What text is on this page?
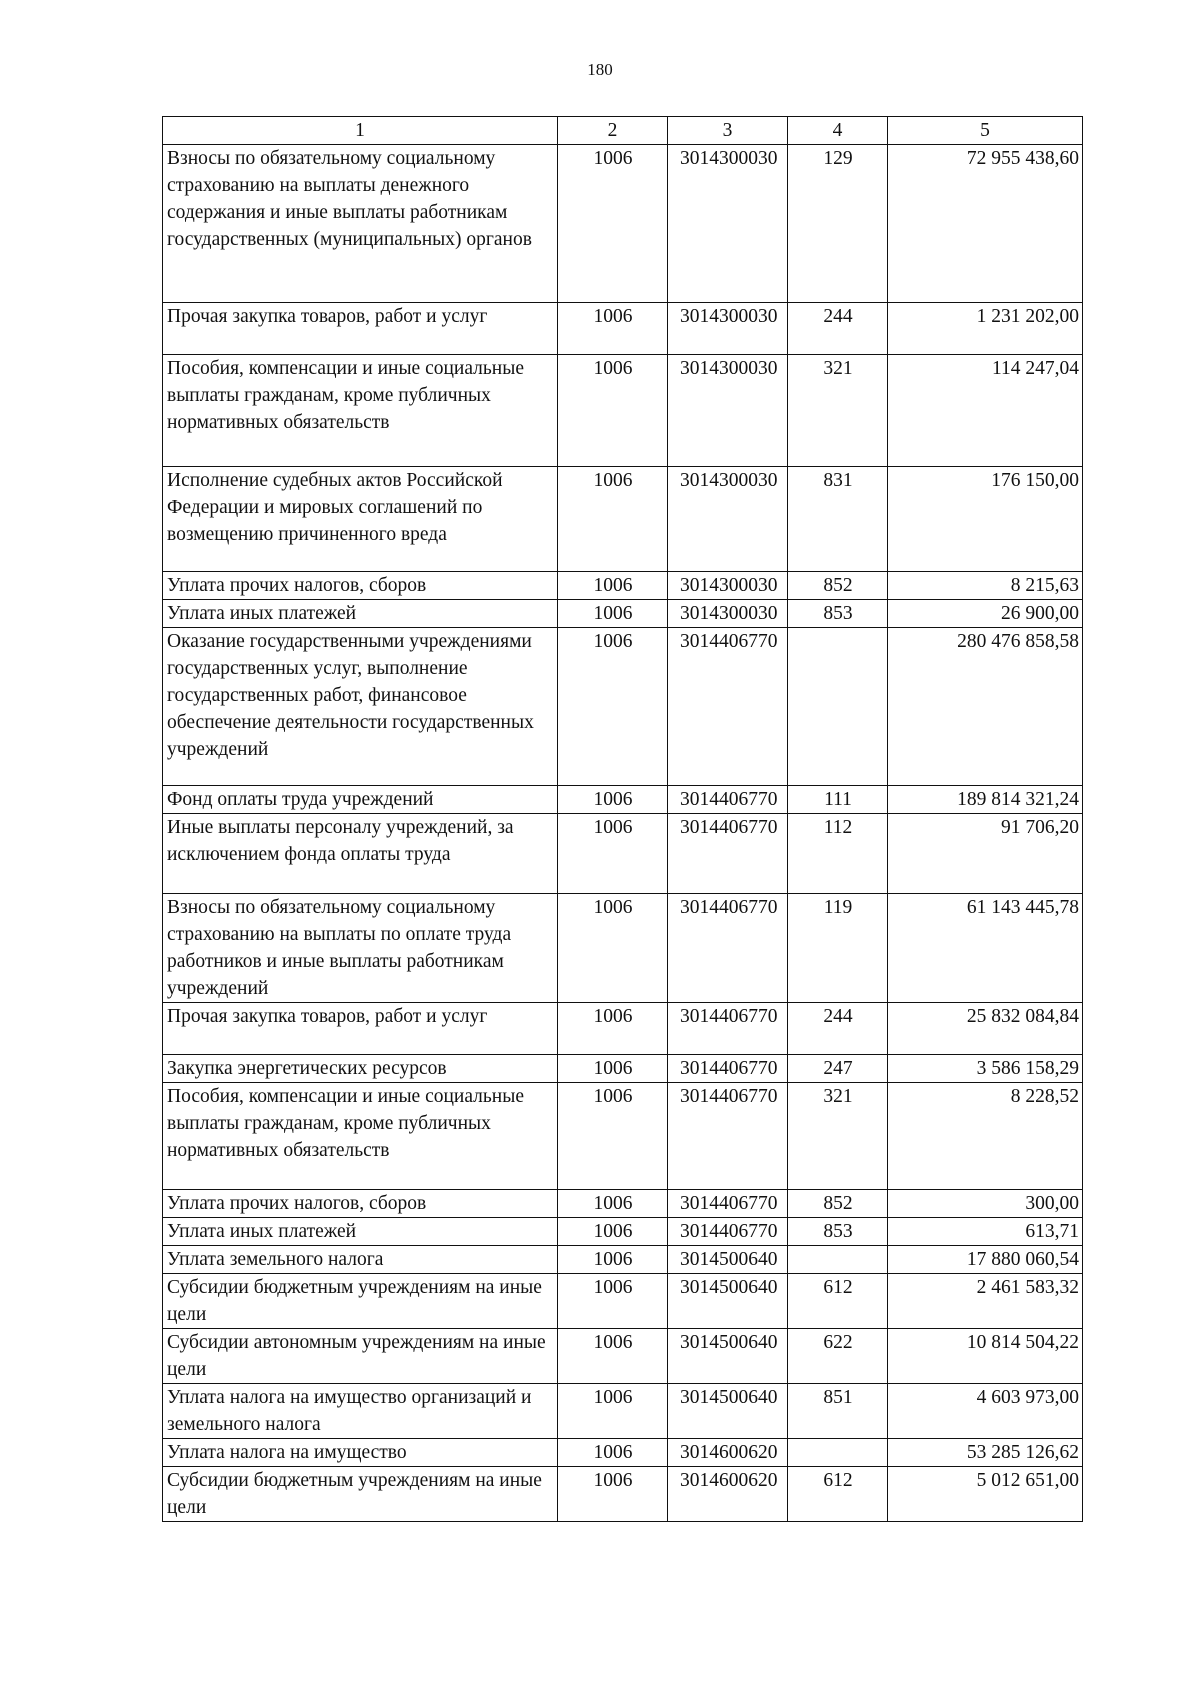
180
1	2	3	4	5
Взносы по обязательному социальному страхованию на выплаты денежного содержания и иные выплаты работникам государственных (муниципальных) органов	1006	3014300030	129	72 955 438,60
Прочая закупка товаров, работ и услуг	1006	3014300030	244	1 231 202,00
Пособия, компенсации и иные социальные выплаты гражданам, кроме публичных нормативных обязательств	1006	3014300030	321	114 247,04
Исполнение судебных актов Российской Федерации и мировых соглашений по возмещению причиненного вреда	1006	3014300030	831	176 150,00
Уплата прочих налогов, сборов	1006	3014300030	852	8 215,63
Уплата иных платежей	1006	3014300030	853	26 900,00
Оказание государственными учреждениями государственных услуг, выполнение государственных работ, финансовое обеспечение деятельности государственных учреждений	1006	3014406770		280 476 858,58
Фонд оплаты труда учреждений	1006	3014406770	111	189 814 321,24
Иные выплаты персоналу учреждений, за исключением фонда оплаты труда	1006	3014406770	112	91 706,20
Взносы по обязательному социальному страхованию на выплаты по оплате труда работников и иные выплаты работникам учреждений	1006	3014406770	119	61 143 445,78
Прочая закупка товаров, работ и услуг	1006	3014406770	244	25 832 084,84
Закупка энергетических ресурсов	1006	3014406770	247	3 586 158,29
Пособия, компенсации и иные социальные выплаты гражданам, кроме публичных нормативных обязательств	1006	3014406770	321	8 228,52
Уплата прочих налогов, сборов	1006	3014406770	852	300,00
Уплата иных платежей	1006	3014406770	853	613,71
Уплата земельного налога	1006	3014500640		17 880 060,54
Субсидии бюджетным учреждениям на иные цели	1006	3014500640	612	2 461 583,32
Субсидии автономным учреждениям на иные цели	1006	3014500640	622	10 814 504,22
Уплата налога на имущество организаций и земельного налога	1006	3014500640	851	4 603 973,00
Уплата налога на имущество	1006	3014600620		53 285 126,62
Субсидии бюджетным учреждениям на иные цели	1006	3014600620	612	5 012 651,00
